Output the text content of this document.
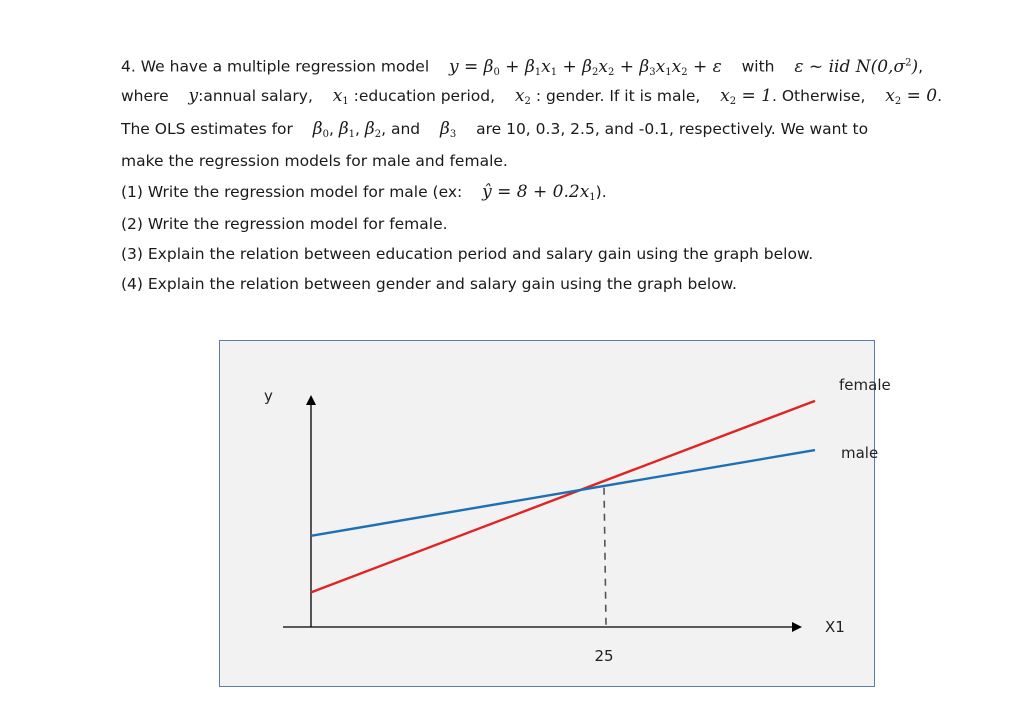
4. We have a multiple regression model $y = \beta_0 + \beta_1x_1 + \beta_2x_2 + \beta_3x_1x_2 + \varepsilon$ with ε ~ iid $N(0,\sigma^2)$,
where y:annual salary, $x_1$ :education period, $x_2$ : gender. If it is male, $x_2 = 1$. Otherwise, $x_2 = 0$.
The OLS estimates for $\beta_0$, $\beta_1$, $\beta_2$, and $\beta_3$ are 10, 0.3, 2.5, and -0.1, respectively. We want to
make the regression models for male and female.
(1) Write the regression model for male (ex: ŷ = $8 + 0.2x_1$).
(2) Write the regression model for female.
(3) Explain the relation between education period and salary gain using the graph below.
(4) Explain the relation between gender and salary gain using the graph below.
y
X1
25
female
male
